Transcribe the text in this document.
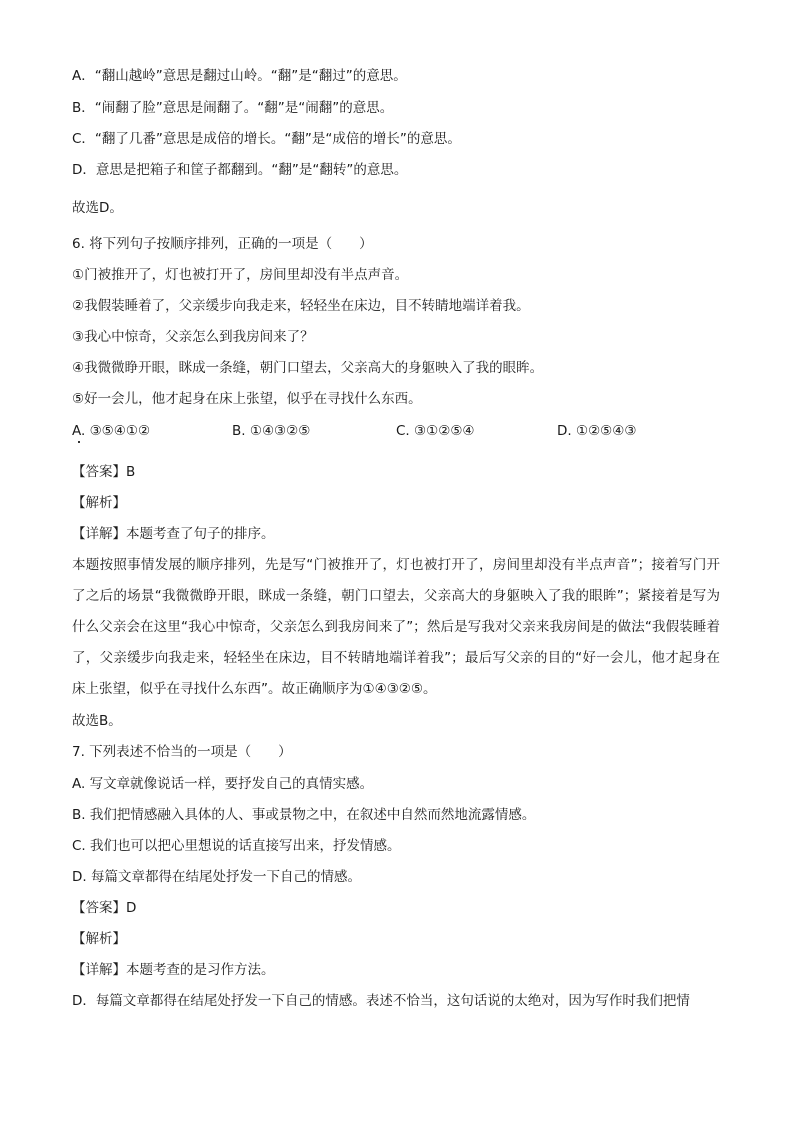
A．“翻山越岭”意思是翻过山岭。“翻”是“翻过”的意思。
B．“闹翻了脸”意思是闹翻了。“翻”是“闹翻”的意思。
C．“翻了几番”意思是成倍的增长。“翻”是“成倍的增长”的意思。
D．意思是把箱子和筐子都翻到。“翻”是“翻转”的意思。
故选D。
6. 将下列句子按顺序排列，正确的一项是（　　）
①门被推开了，灯也被打开了，房间里却没有半点声音。
②我假装睡着了，父亲缓步向我走来，轻轻坐在床边，目不转睛地端详着我。
③我心中惊奇，父亲怎么到我房间来了？
④我微微睁开眼，眯成一条缝，朝门口望去，父亲高大的身躯映入了我的眼眸。
⑤好一会儿，他才起身在床上张望，似乎在寻找什么东西。
A. ③⑤④①②	B. ①④③②⑤	C. ③①②⑤④	D. ①②⑤④③
【答案】B
【解析】
【详解】本题考查了句子的排序。
本题按照事情发展的顺序排列，先是写“门被推开了，灯也被打开了，房间里却没有半点声音”；接着写门开了之后的场景“我微微睁开眼，眯成一条缝，朝门口望去，父亲高大的身躯映入了我的眼眸”；紧接着是写为什么父亲会在这里“我心中惊奇，父亲怎么到我房间来了”；然后是写我对父亲来我房间是的做法“我假装睡着了，父亲缓步向我走来，轻轻坐在床边，目不转睛地端详着我”；最后写父亲的目的“好一会儿，他才起身在床上张望，似乎在寻找什么东西”。故正确顺序为①④③②⑤。
故选B。
7. 下列表述不恰当的一项是（　　）
A. 写文章就像说话一样，要抒发自己的真情实感。
B. 我们把情感融入具体的人、事或景物之中，在叙述中自然而然地流露情感。
C. 我们也可以把心里想说的话直接写出来，抒发情感。
D. 每篇文章都得在结尾处抒发一下自己的情感。
【答案】D
【解析】
【详解】本题考查的是习作方法。
D．每篇文章都得在结尾处抒发一下自己的情感。表述不恰当，这句话说的太绝对，因为写作时我们把情
